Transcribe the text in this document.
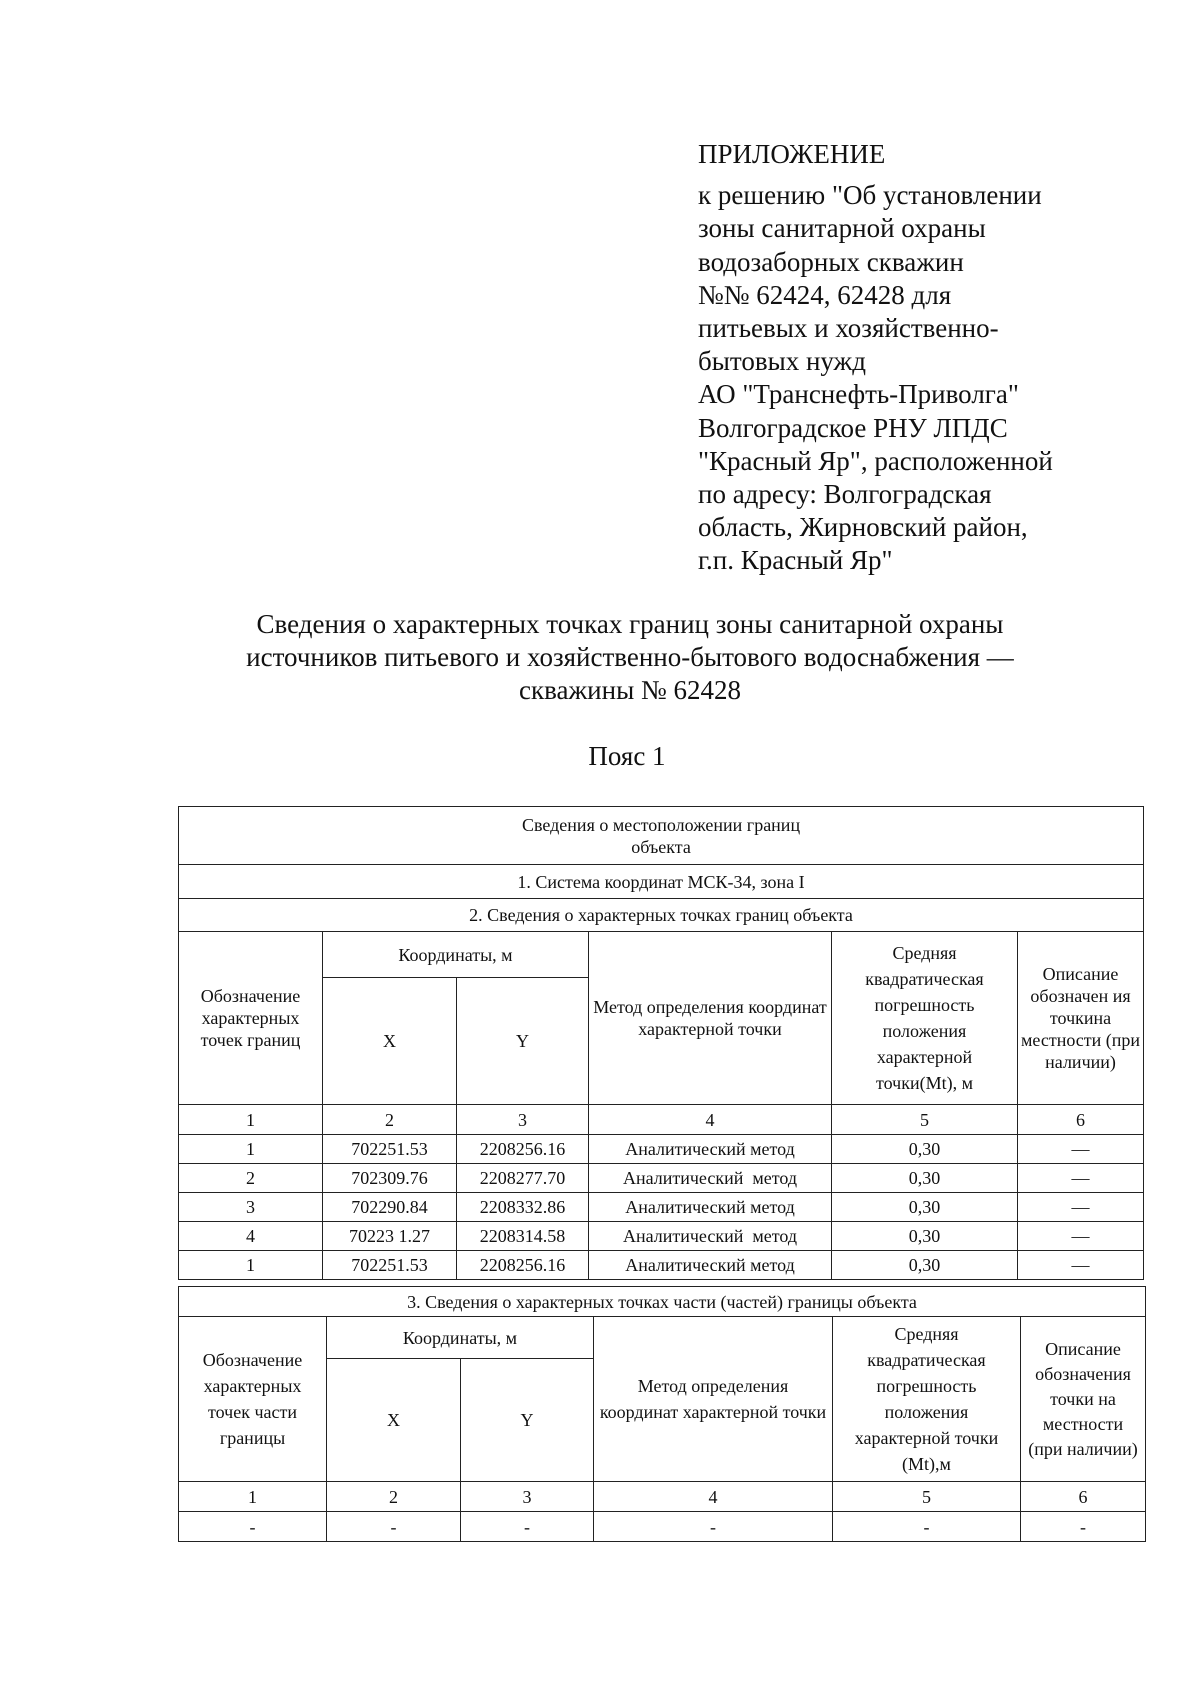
ПРИЛОЖЕНИЕ
к решению "Об установлении
зоны санитарной охраны
водозаборных скважин
№№ 62424, 62428 для
питьевых и хозяйственно-
бытовых нужд
АО "Транснефть-Приволга"
Волгоградское РНУ ЛПДС
"Красный Яр", расположенной
по адресу: Волгоградская
область, Жирновский район,
г.п. Красный Яр"
Сведения о характерных точках границ зоны санитарной охраны
источников питьевого и хозяйственно-бытового водоснабжения —
скважины № 62428
Пояс 1
Сведения о местоположении границ
объекта					

1. Система координат МСК-34, зона I					
2. Сведения о характерных точках границ объекта					
Обозначение характерных точек границ	Координаты, м		Метод определения координат характерной точки	Средняя квадратическая погрешность положения характерной точки(Mt), м	Описание обозначен ия точкина местности (при наличии)
	X	Y			
1	2	3	4	5	6
1	702251.53	2208256.16	Аналитический метод	0,30	—
2	702309.76	2208277.70	Аналитический  метод	0,30	—
3	702290.84	2208332.86	Аналитический метод	0,30	—
4	70223 1.27	2208314.58	Аналитический  метод	0,30	—
1	702251.53	2208256.16	Аналитический метод	0,30	—
3. Сведения о характерных точках части (частей) границы объекта					
Обозначение характерных точек части границы	Координаты, м		Метод определения координат характерной точки	Средняя квадратическая погрешность положения характерной точки (Mt),м	Описание обозначения точки на местности (при наличии)
	X	Y			
1	2	3	4	5	6
-	-	-	-	-	-
